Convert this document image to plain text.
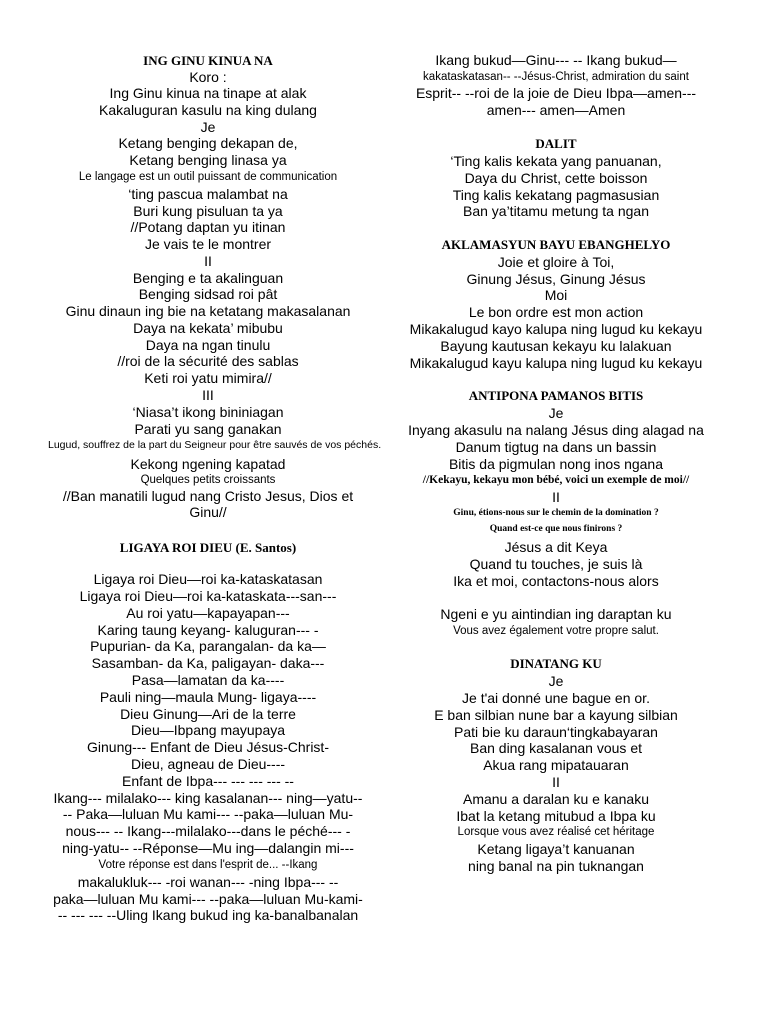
ING GINU KINUA NA
Koro :
Ing Ginu kinua na tinape at alak
Kakaluguran kasulu na king dulang
Je
Ketang benging dekapan de,
Ketang benging linasa ya
Le langage est un outil puissant de communication
‘ting pascua malambat na
Buri kung pisuluan ta ya
//Potang daptan yu itinan
Je vais te le montrer
II
Benging e ta akalinguan
Benging sidsad roi pât
Ginu dinaun ing bie na ketatang makasalanan
Daya na kekata’ mibubu
Daya na ngan tinulu
//roi de la sécurité des sablas
Keti roi yatu mimira//
III
‘Niasa’t ikong bininiagan
Parati yu sang ganakan
Lugud, souffrez de la part du Seigneur pour être sauvés de vos péchés.
Kekong ngening kapatad
Quelques petits croissants
//Ban manatili lugud nang Cristo Jesus, Dios et Ginu//
LIGAYA ROI DIEU (E. Santos)
Ligaya roi Dieu—roi ka-kataskatasan
Ligaya roi Dieu—roi ka-kataskata---san---
Au roi yatu—kapayapan---
Karing taung keyang- kaluguran--- -
Pupurian- da Ka, parangalan- da ka—
Sasamban- da Ka, paligayan- daka---
Pasa—lamatan da ka----
Pauli ning—maula Mung- ligaya----
Dieu Ginung—Ari de la terre
Dieu—Ibpang mayupaya
Ginung--- Enfant de Dieu Jésus-Christ-
Dieu, agneau de Dieu----
Enfant de Ibpa--- --- --- --- --
Ikang--- milalako--- king kasalanan--- ning—yatu--
-- Paka—luluan Mu kami--- --paka—luluan Mu-
nous--- -- Ikang---milalako---dans le péché--- -
ning-yatu-- --Réponse—Mu ing—dalangin mi---
Votre réponse est dans l'esprit de... --Ikang
makalukluk--- -roi wanan--- -ning Ibpa--- --
paka—luluan Mu kami--- --paka—luluan Mu-kami-
-- --- --- --Uling Ikang bukud ing ka-banalbanalan
Ikang bukud—Ginu--- -- Ikang bukud—
kakataskatasan-- --Jésus-Christ, admiration du saint
Esprit-- --roi de la joie de Dieu Ibpa—amen---
amen--- amen—Amen
DALIT
‘Ting kalis kekata yang panuanan,
Daya du Christ, cette boisson
Ting kalis kekatang pagmasusian
Ban ya’titamu metung ta ngan
AKLAMASYUN BAYU EBANGHELYO
Joie et gloire à Toi,
Ginung Jésus, Ginung Jésus
Moi
Le bon ordre est mon action
Mikakalugud kayo kalupa ning lugud ku kekayu
Bayung kautusan kekayu ku lalakuan
Mikakalugud kayu kalupa ning lugud ku kekayu
ANTIPONA PAMANOS BITIS
Je
Inyang akasulu na nalang Jésus ding alagad na
Danum tigtug na dans un bassin
Bitis da pigmulan nong inos ngana
//Kekayu, kekayu mon bébé, voici un exemple de moi//
II
Ginu, étions-nous sur le chemin de la domination ?
Quand est-ce que nous finirons ?
Jésus a dit Keya
Quand tu touches, je suis là
Ika et moi, contactons-nous alors
Ngeni e yu aintindian ing daraptan ku
Vous avez également votre propre salut.
DINATANG KU
Je
Je t'ai donné une bague en or.
E ban silbian nune bar a kayung silbian
Pati bie ku daraun‘tingkabayaran
Ban ding kasalanan vous et
Akua rang mipatauaran
II
Amanu a daralan ku e kanaku
Ibat la ketang mitubud a Ibpa ku
Lorsque vous avez réalisé cet héritage
Ketang ligaya’t kanuanan
ning banal na pin tuknangan
